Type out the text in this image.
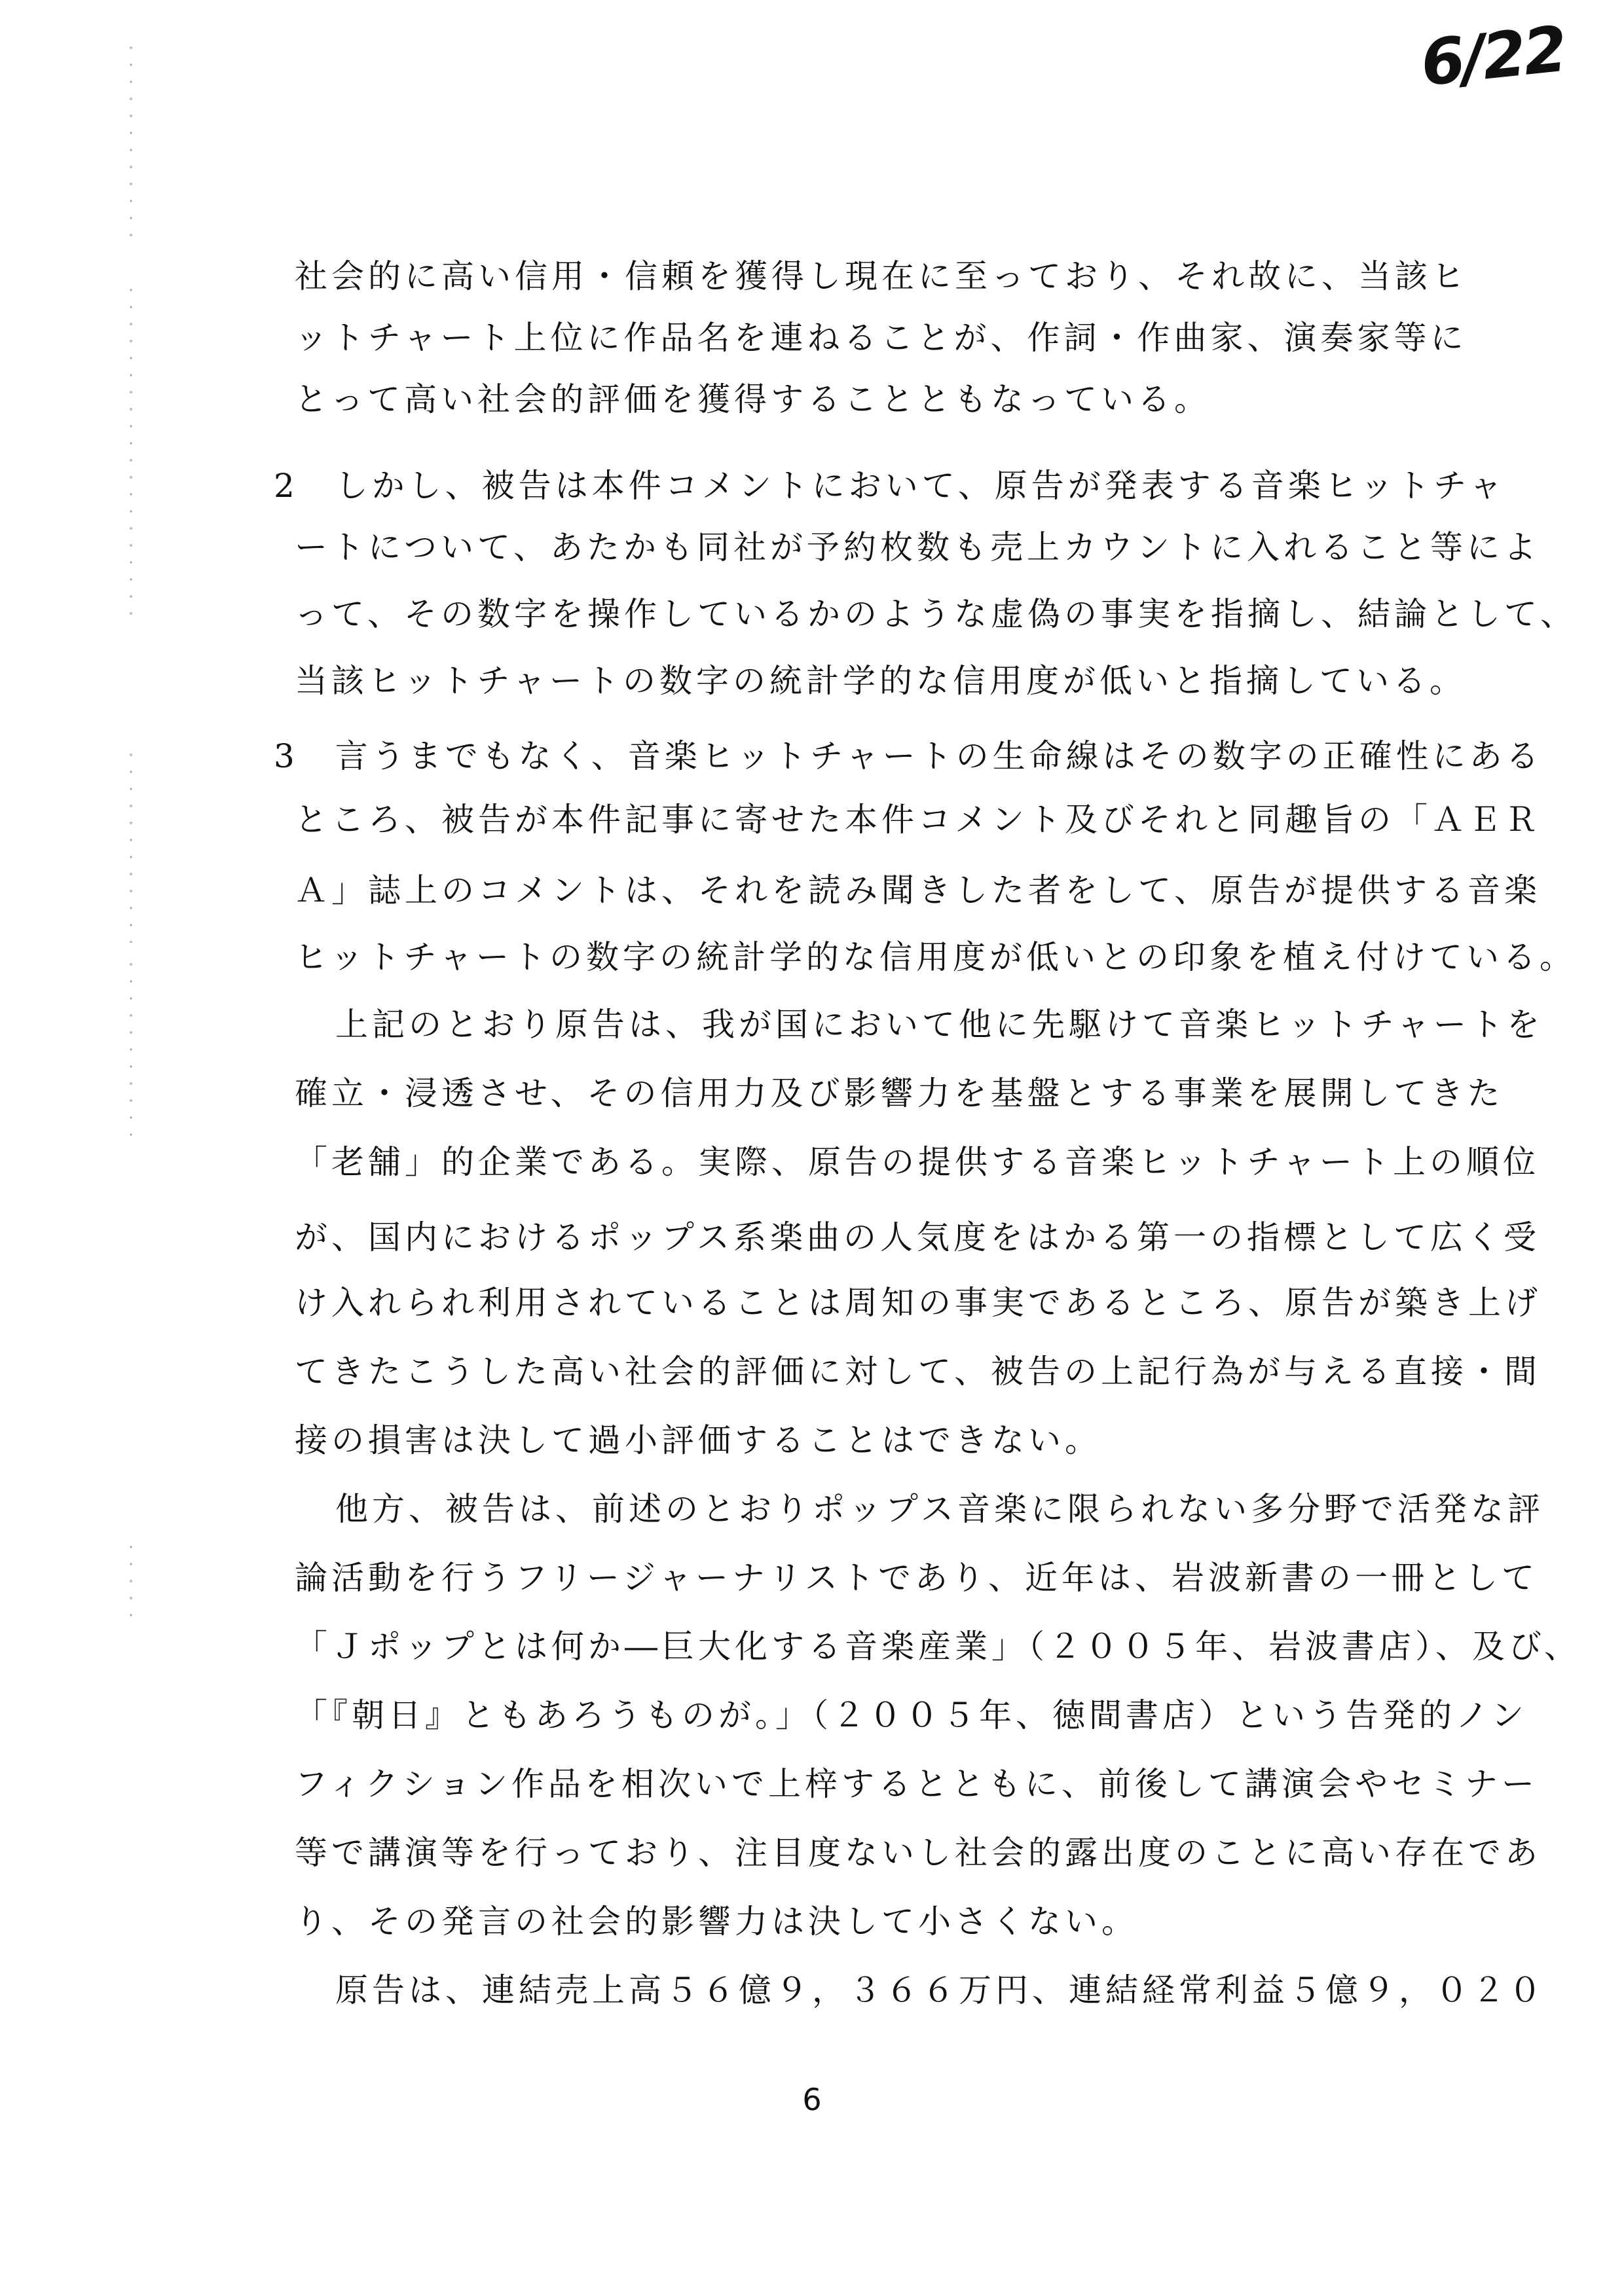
6/22
社会的に高い信用・信頼を獲得し現在に至っており、それ故に、当該ヒ
ットチャート上位に作品名を連ねることが、作詞・作曲家、演奏家等に
とって高い社会的評価を獲得することともなっている。
2　しかし、被告は本件コメントにおいて、原告が発表する音楽ヒットチャ
ートについて、あたかも同社が予約枚数も売上カウントに入れること等によ
って、その数字を操作しているかのような虚偽の事実を指摘し、結論として、
当該ヒットチャートの数字の統計学的な信用度が低いと指摘している。
3　言うまでもなく、音楽ヒットチャートの生命線はその数字の正確性にある
ところ、被告が本件記事に寄せた本件コメント及びそれと同趣旨の「ＡＥＲ
Ａ」誌上のコメントは、それを読み聞きした者をして、原告が提供する音楽
ヒットチャートの数字の統計学的な信用度が低いとの印象を植え付けている。
上記のとおり原告は、我が国において他に先駆けて音楽ヒットチャートを
確立・浸透させ、その信用力及び影響力を基盤とする事業を展開してきた
「老舗」的企業である。実際、原告の提供する音楽ヒットチャート上の順位
が、国内におけるポップス系楽曲の人気度をはかる第一の指標として広く受
け入れられ利用されていることは周知の事実であるところ、原告が築き上げ
てきたこうした高い社会的評価に対して、被告の上記行為が与える直接・間
接の損害は決して過小評価することはできない。
他方、被告は、前述のとおりポップス音楽に限られない多分野で活発な評
論活動を行うフリージャーナリストであり、近年は、岩波新書の一冊として
「Ｊポップとは何か―巨大化する音楽産業」（２００５年、岩波書店）、及び、
「『朝日』ともあろうものが。」（２００５年、徳間書店）という告発的ノン
フィクション作品を相次いで上梓するとともに、前後して講演会やセミナー
等で講演等を行っており、注目度ないし社会的露出度のことに高い存在であ
り、その発言の社会的影響力は決して小さくない。
原告は、連結売上高５６億９，３６６万円、連結経常利益５億９，０２０
6
